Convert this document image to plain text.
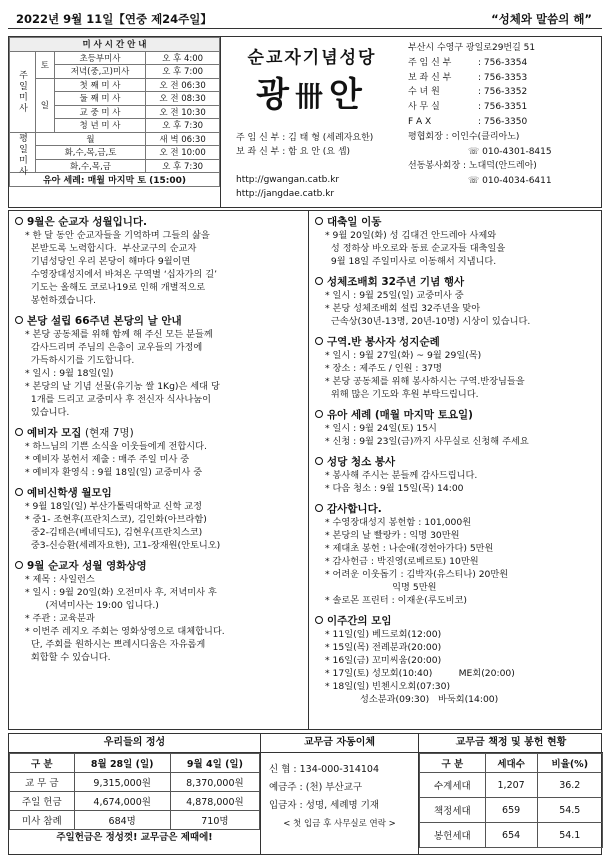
2022년 9월 11일【연중 제24주일】	“성체와 말씀의 해”
미 사 시 간 안 내			
주일미사	토	초등부미사	오 후 4:00
		저녁(중,고)미사	오 후 7:00
	일	첫 째 미 사	오 전 06:30
		둘 째 미 사	오 전 08:30
		교 중 미 사	오 전 10:30
		청 년 미 사	오 후 7:30
평일미사	월		새 벽 06:30
	화,수,목,금,토		오 전 10:00
	화,수,목,금		오 후 7:30
유아 세례: 매월 마지막 토 (15:00)			
순교자기념성당
광卌안
주 임 신 부 : 김 태 형 (세례자요한)
보 좌 신 부 : 함 요 안 (요 셉)
http://gwangan.catb.kr
http://jangdae.catb.kr
부산시 수영구 광일로29번길 51
주 임 신 부	: 756-3354
보 좌 신 부	: 756-3353
수 녀 원	: 756-3352
사 무 실	: 756-3351
F A X	: 756-3350
평협회장 : 이인수(클리아노)
☏ 010-4301-8415
선동봉사회장 : 노대덕(안드레아)
☏ 010-4034-6411
9월은 순교자 성월입니다.

* 한 달 동안 순교자들을 기억하며 그들의 삶을
본받도록 노력합시다.  부산교구의 순교자
기념성당인 우리 본당이 해마다 9월이면
수영장대성지에서 바쳐온 구역별 ‘십자가의 길’
기도는 올해도 코로나19로 인해 개별적으로
봉헌하겠습니다.

본당 설립 66주년 본당의 날 안내

* 본당 공동체를 위해 함께 해 주신 모든 분들께
감사드리며 주님의 은총이 교우들의 가정에
가득하시기를 기도합니다.
* 일시 : 9월 18일(일)
* 본당의 날 기념 선물(유기농 쌀 1Kg)은 세대 당
1개를 드리고 교중미사 후 전신자 식사나눔이
있습니다.

예비자 모집 (현재 7명)

* 하느님의 기쁜 소식을 이웃들에게 전합시다.
* 예비자 봉헌서 제출 : 매주 주일 미사 중
* 예비자 환영식 : 9월 18일(일) 교중미사 중

예비신학생 월모임

* 9월 18일(일) 부산가톨릭대학교 신학 교정
* 중1- 조현후(프란치스코), 김인화(아브라함)
중2-김태은(베네딕도), 김현우(프란치스코)
중3-신승환(세례자요한), 고1-장재원(안토니오)

9월 순교자 성월 영화상영

* 제목 : 사일런스
* 일시 : 9월 20일(화) 오전미사 후, 저녁미사 후
(저녁미사는 19:00 입니다.)
* 주관 : 교육분과
* 이번주 레지오 주회는 영화상영으로 대체합니다.
단, 주회를 원하시는 쁘레시디움은 자유롭게
회합할 수 있습니다.

대축일 이동

* 9월 20일(화) 성 김대건 안드레아 사제와
성 정하상 바오로와 동료 순교자들 대축일을
9월 18일 주일미사로 이동해서 지냅니다.

성체조배회 32주년 기념 행사

* 일시 : 9월 25일(일) 교중미사 중
* 본당 성체조배회 설립 32주년을 맞아
근속상(30년-13명, 20년-10명) 시상이 있습니다.

구역.반 봉사자 성지순례

* 일시 : 9월 27일(화) ~ 9월 29일(목)
* 장소 : 제주도 / 인원 : 37명
* 본당 공동체를 위해 봉사하시는 구역.반장님들을
위해 많은 기도와 후원 부탁드립니다.

유아 세례 (매월 마지막 토요일)

* 일시 : 9월 24일(토) 15시
* 신청 : 9월 23일(금)까지 사무실로 신청해 주세요

성당 청소 봉사

* 봉사해 주시는 분들께 감사드립니다.
* 다음 청소 : 9월 15일(목) 14:00

감사합니다.

* 수영장대성지 봉헌함 : 101,000원
* 본당의 날 빨랑카 : 익명 30만원
* 제대초 봉헌 : 나순애(경헌아가다) 5만원
* 감사헌금 : 박진영(로베르토) 10만원
* 어려운 이웃돕기 : 김박자(유스티나) 20만원
익명 5만원
* 솔로몬 프린터 : 이재운(루도비코)

이주간의 모임

* 11일(일) 베드로회(12:00)
* 15일(목) 전례분과(20:00)
* 16일(금) 꼬미씨움(20:00)
* 17일(토) 성모회(10:40)         ME회(20:00)
* 18일(일) 빈첸시오회(07:30)
성소분과(09:30)   바둑회(14:00)

우리들의 정성
구 분	8월 28일 (일)	9월 4일 (일)
교 무 금	9,315,000원	8,370,000원
주일 헌금	4,674,000원	4,878,000원
미사 참례	684명	710명
주일헌금은 정성껏! 교무금은 제때에!
교무금 자동이체
신 협 : 134-000-314104
예금주 : (천) 부산교구
입금자 : 성명, 세례명 기재
< 첫 입금 후 사무실로 연락 >
교무금 책정 및 봉헌 현황
구 분	세대수	비율(%)
수계세대	1,207	36.2
책정세대	659	54.5
봉헌세대	654	54.1
